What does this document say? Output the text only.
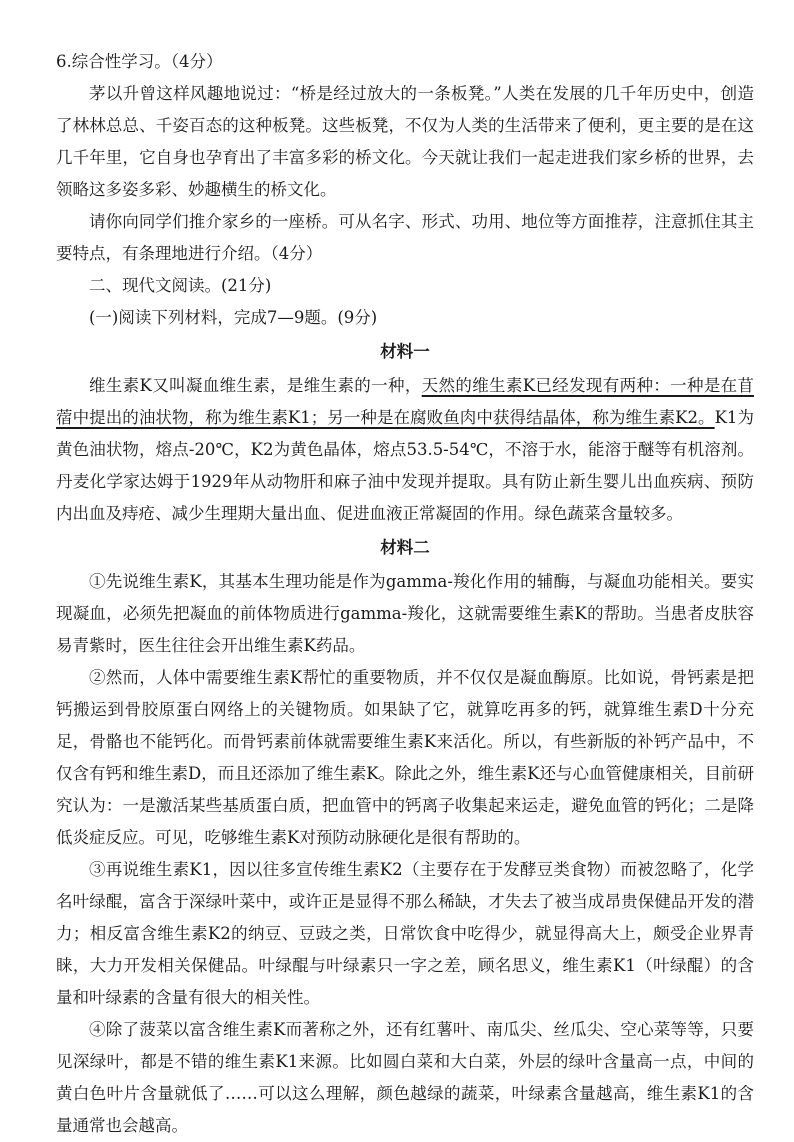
6.综合性学习。（4分）

茅以升曾这样风趣地说过：“桥是经过放大的一条板凳。”人类在发展的几千年历史中，创造了林林总总、千姿百态的这种板凳。这些板凳，不仅为人类的生活带来了便利，更主要的是在这几千年里，它自身也孕育出了丰富多彩的桥文化。今天就让我们一起走进我们家乡桥的世界，去领略这多姿多彩、妙趣横生的桥文化。

请你向同学们推介家乡的一座桥。可从名字、形式、功用、地位等方面推荐，注意抓住其主要特点，有条理地进行介绍。（4分）

二、现代文阅读。(21分)

(一)阅读下列材料，完成7—9题。(9分)

材料一

维生素K又叫凝血维生素，是维生素的一种，天然的维生素K已经发现有两种：一种是在苜蓿中提出的油状物，称为维生素K1；另一种是在腐败鱼肉中获得结晶体，称为维生素K2。K1为黄色油状物，熔点-20℃，K2为黄色晶体，熔点53.5-54℃，不溶于水，能溶于醚等有机溶剂。丹麦化学家达姆于1929年从动物肝和麻子油中发现并提取。具有防止新生婴儿出血疾病、预防内出血及痔疮、减少生理期大量出血、促进血液正常凝固的作用。绿色蔬菜含量较多。

材料二

①先说维生素K，其基本生理功能是作为gamma-羧化作用的辅酶，与凝血功能相关。要实现凝血，必须先把凝血的前体物质进行gamma-羧化，这就需要维生素K的帮助。当患者皮肤容易青紫时，医生往往会开出维生素K药品。

②然而，人体中需要维生素K帮忙的重要物质，并不仅仅是凝血酶原。比如说，骨钙素是把钙搬运到骨胶原蛋白网络上的关键物质。如果缺了它，就算吃再多的钙，就算维生素D十分充足，骨骼也不能钙化。而骨钙素前体就需要维生素K来活化。所以，有些新版的补钙产品中，不仅含有钙和维生素D，而且还添加了维生素K。除此之外，维生素K还与心血管健康相关，目前研究认为：一是激活某些基质蛋白质，把血管中的钙离子收集起来运走，避免血管的钙化；二是降低炎症反应。可见，吃够维生素K对预防动脉硬化是很有帮助的。

③再说维生素K1，因以往多宣传维生素K2（主要存在于发酵豆类食物）而被忽略了，化学名叶绿醌，富含于深绿叶菜中，或许正是显得不那么稀缺，才失去了被当成昂贵保健品开发的潜力；相反富含维生素K2的纳豆、豆豉之类，日常饮食中吃得少，就显得高大上，颇受企业界青睐，大力开发相关保健品。叶绿醌与叶绿素只一字之差，顾名思义，维生素K1（叶绿醌）的含量和叶绿素的含量有很大的相关性。

④除了菠菜以富含维生素K而著称之外，还有红薯叶、南瓜尖、丝瓜尖、空心菜等等，只要见深绿叶，都是不错的维生素K1来源。比如圆白菜和大白菜，外层的绿叶含量高一点，中间的黄白色叶片含量就低了……可以这么理解，颜色越绿的蔬菜，叶绿素含量越高，维生素K1的含量通常也会越高。
